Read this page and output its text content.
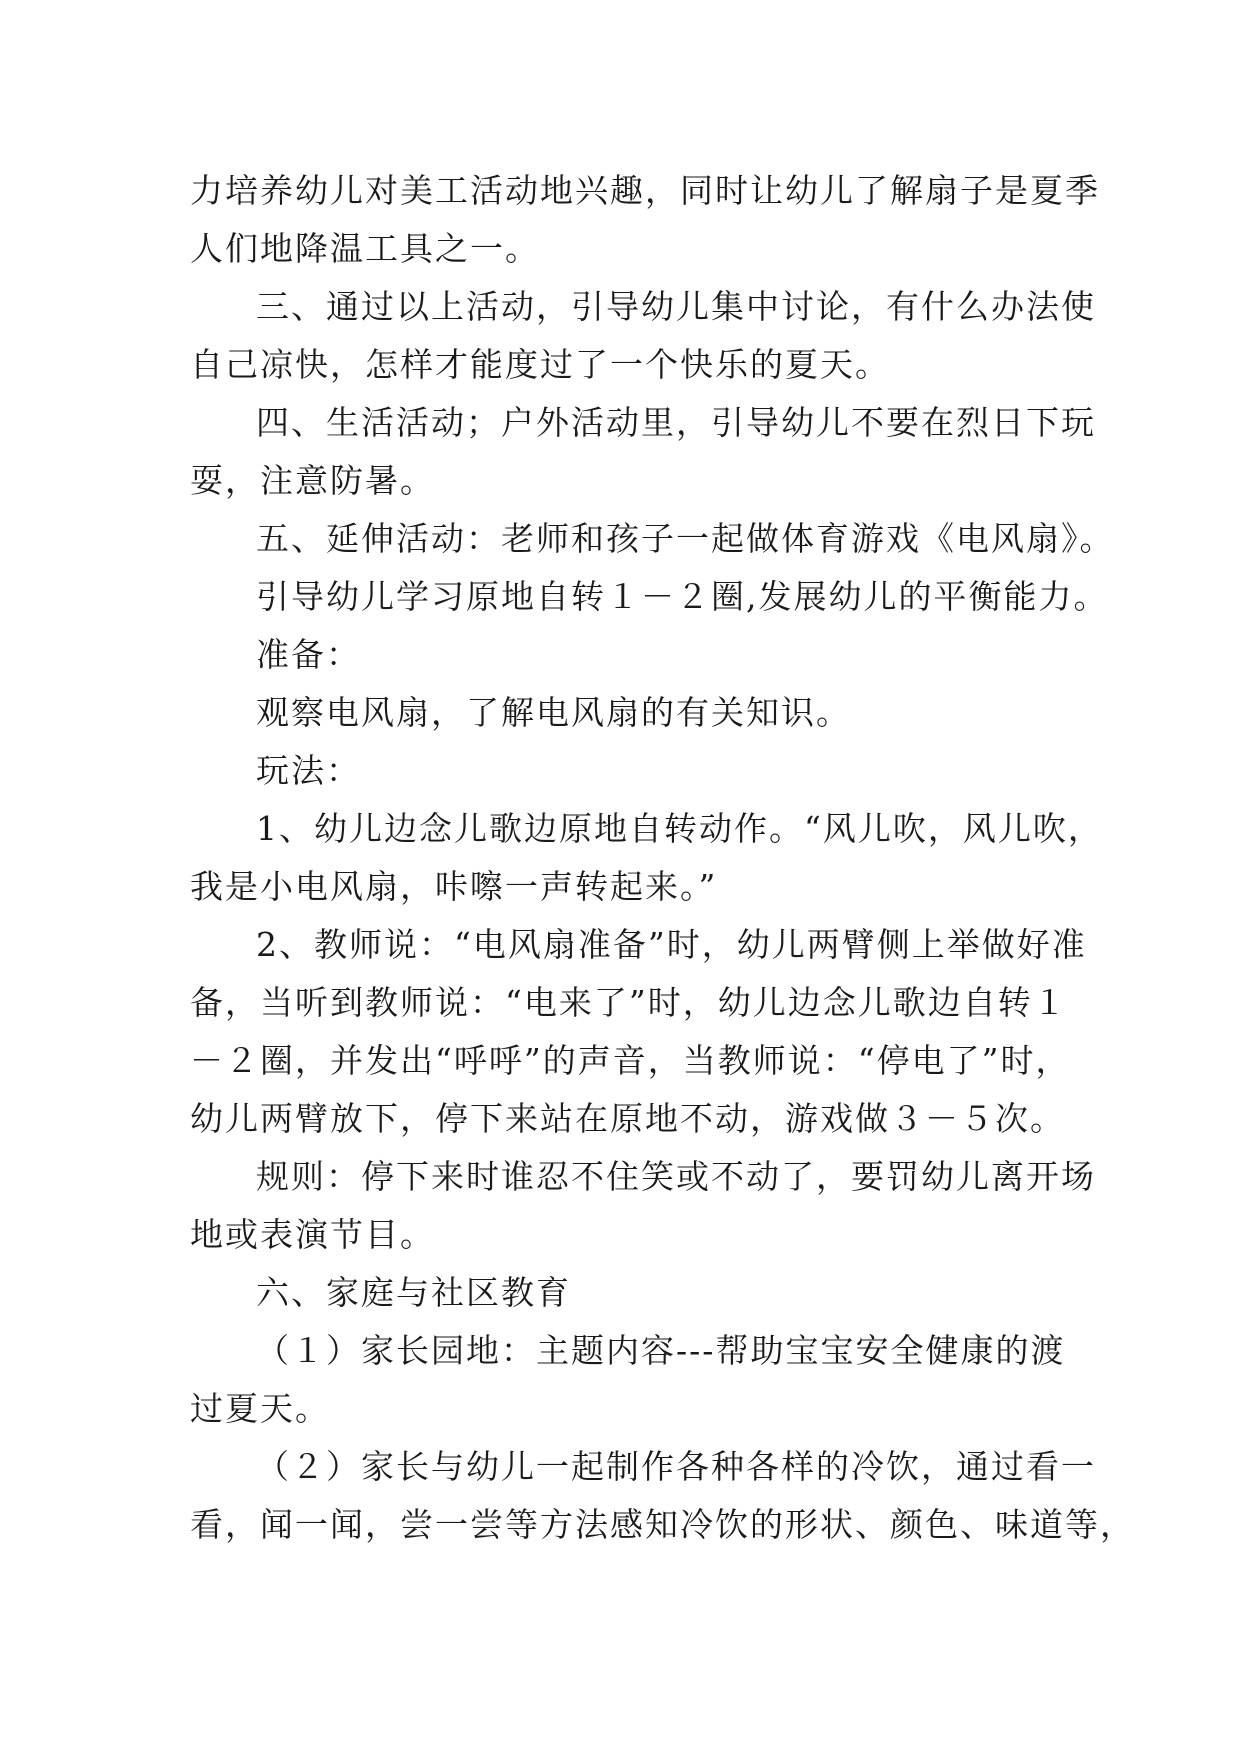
力培养幼儿对美工活动地兴趣，同时让幼儿了解扇子是夏季
人们地降温工具之一。
三、通过以上活动，引导幼儿集中讨论，有什么办法使
自己凉快，怎样才能度过了一个快乐的夏天。
四、生活活动；户外活动里，引导幼儿不要在烈日下玩
耍，注意防暑。
五、延伸活动：老师和孩子一起做体育游戏《电风扇》。
引导幼儿学习原地自转１－２圈,发展幼儿的平衡能力。
准备：
观察电风扇，了解电风扇的有关知识。
玩法：
1、幼儿边念儿歌边原地自转动作。“风儿吹，风儿吹，
我是小电风扇，咔嚓一声转起来。”
2、教师说：“电风扇准备”时，幼儿两臂侧上举做好准
备，当听到教师说：“电来了”时，幼儿边念儿歌边自转１
－２圈，并发出“呼呼”的声音，当教师说：“停电了”时，
幼儿两臂放下，停下来站在原地不动，游戏做３－５次。
规则：停下来时谁忍不住笑或不动了，要罚幼儿离开场
地或表演节目。
六、家庭与社区教育
（１）家长园地：主题内容---帮助宝宝安全健康的渡
过夏天。
（２）家长与幼儿一起制作各种各样的冷饮，通过看一
看，闻一闻，尝一尝等方法感知冷饮的形状、颜色、味道等，
